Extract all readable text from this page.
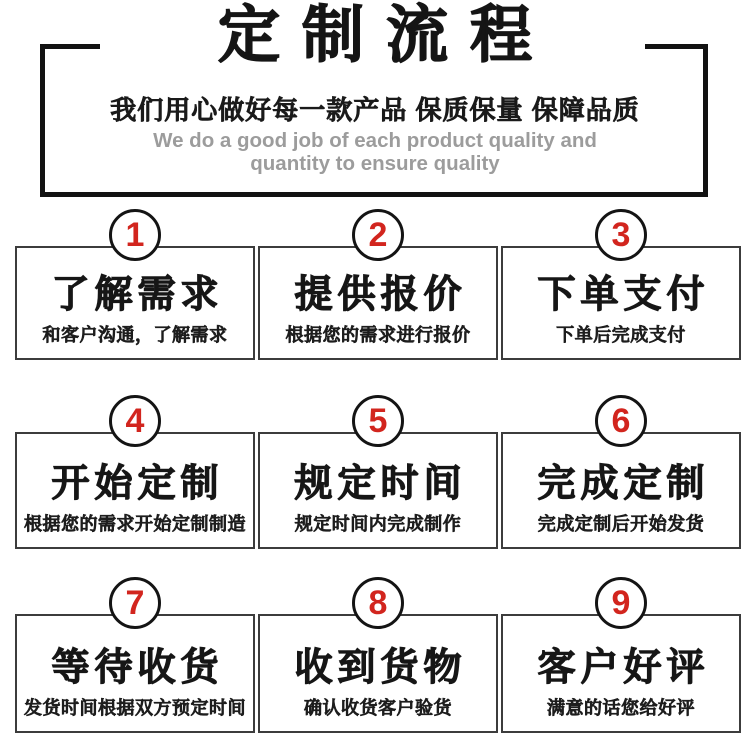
定制流程
我们用心做好每一款产品 保质保量 保障品质
We do a good job of each product quality and
quantity to ensure quality
1
了解需求
和客户沟通，了解需求
2
提供报价
根据您的需求进行报价
3
下单支付
下单后完成支付
4
开始定制
根据您的需求开始定制制造
5
规定时间
规定时间内完成制作
6
完成定制
完成定制后开始发货
7
等待收货
发货时间根据双方预定时间
8
收到货物
确认收货客户验货
9
客户好评
满意的话您给好评
